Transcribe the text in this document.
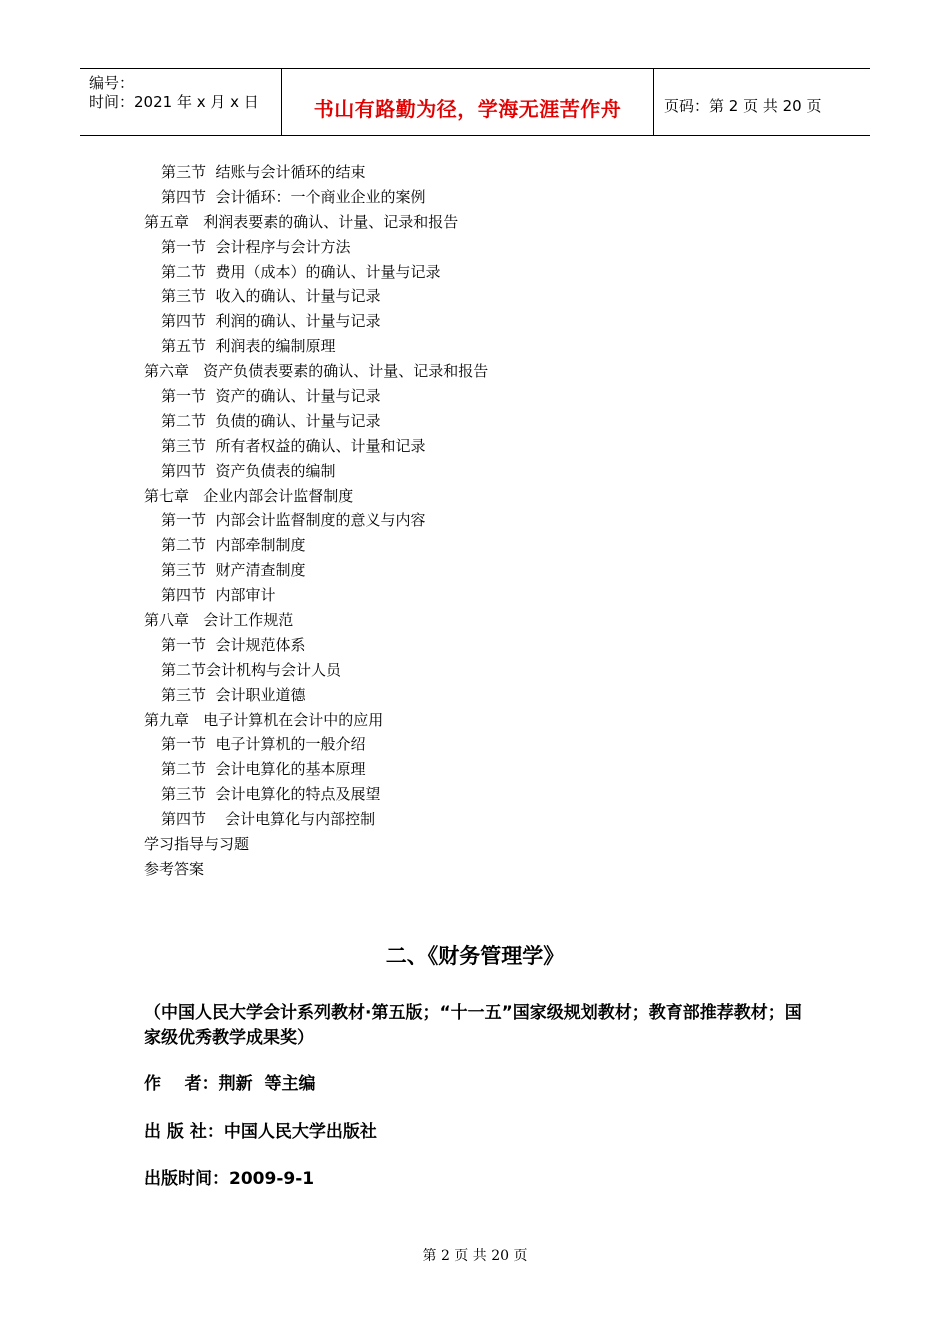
编号：
时间：2021 年 x 月 x 日	书山有路勤为径，学海无涯苦作舟	页码：第 2 页 共 20 页
第三节  结账与会计循环的结束
第四节  会计循环：一个商业企业的案例
第五章   利润表要素的确认、计量、记录和报告
第一节  会计程序与会计方法
第二节  费用（成本）的确认、计量与记录
第三节  收入的确认、计量与记录
第四节  利润的确认、计量与记录
第五节  利润表的编制原理
第六章   资产负债表要素的确认、计量、记录和报告
第一节  资产的确认、计量与记录
第二节  负债的确认、计量与记录
第三节  所有者权益的确认、计量和记录
第四节  资产负债表的编制
第七章   企业内部会计监督制度
第一节  内部会计监督制度的意义与内容
第二节  内部牵制制度
第三节  财产清查制度
第四节  内部审计
第八章   会计工作规范
第一节  会计规范体系
第二节会计机构与会计人员
第三节  会计职业道德
第九章   电子计算机在会计中的应用
第一节  电子计算机的一般介绍
第二节  会计电算化的基本原理
第三节  会计电算化的特点及展望
第四节    会计电算化与内部控制
学习指导与习题
参考答案
二、《财务管理学》
（中国人民大学会计系列教材·第五版；“十一五”国家级规划教材；教育部推荐教材；国家级优秀教学成果奖）
作    者：荆新  等主编
出 版 社：中国人民大学出版社
出版时间：2009-9-1
第 2 页 共 20 页
